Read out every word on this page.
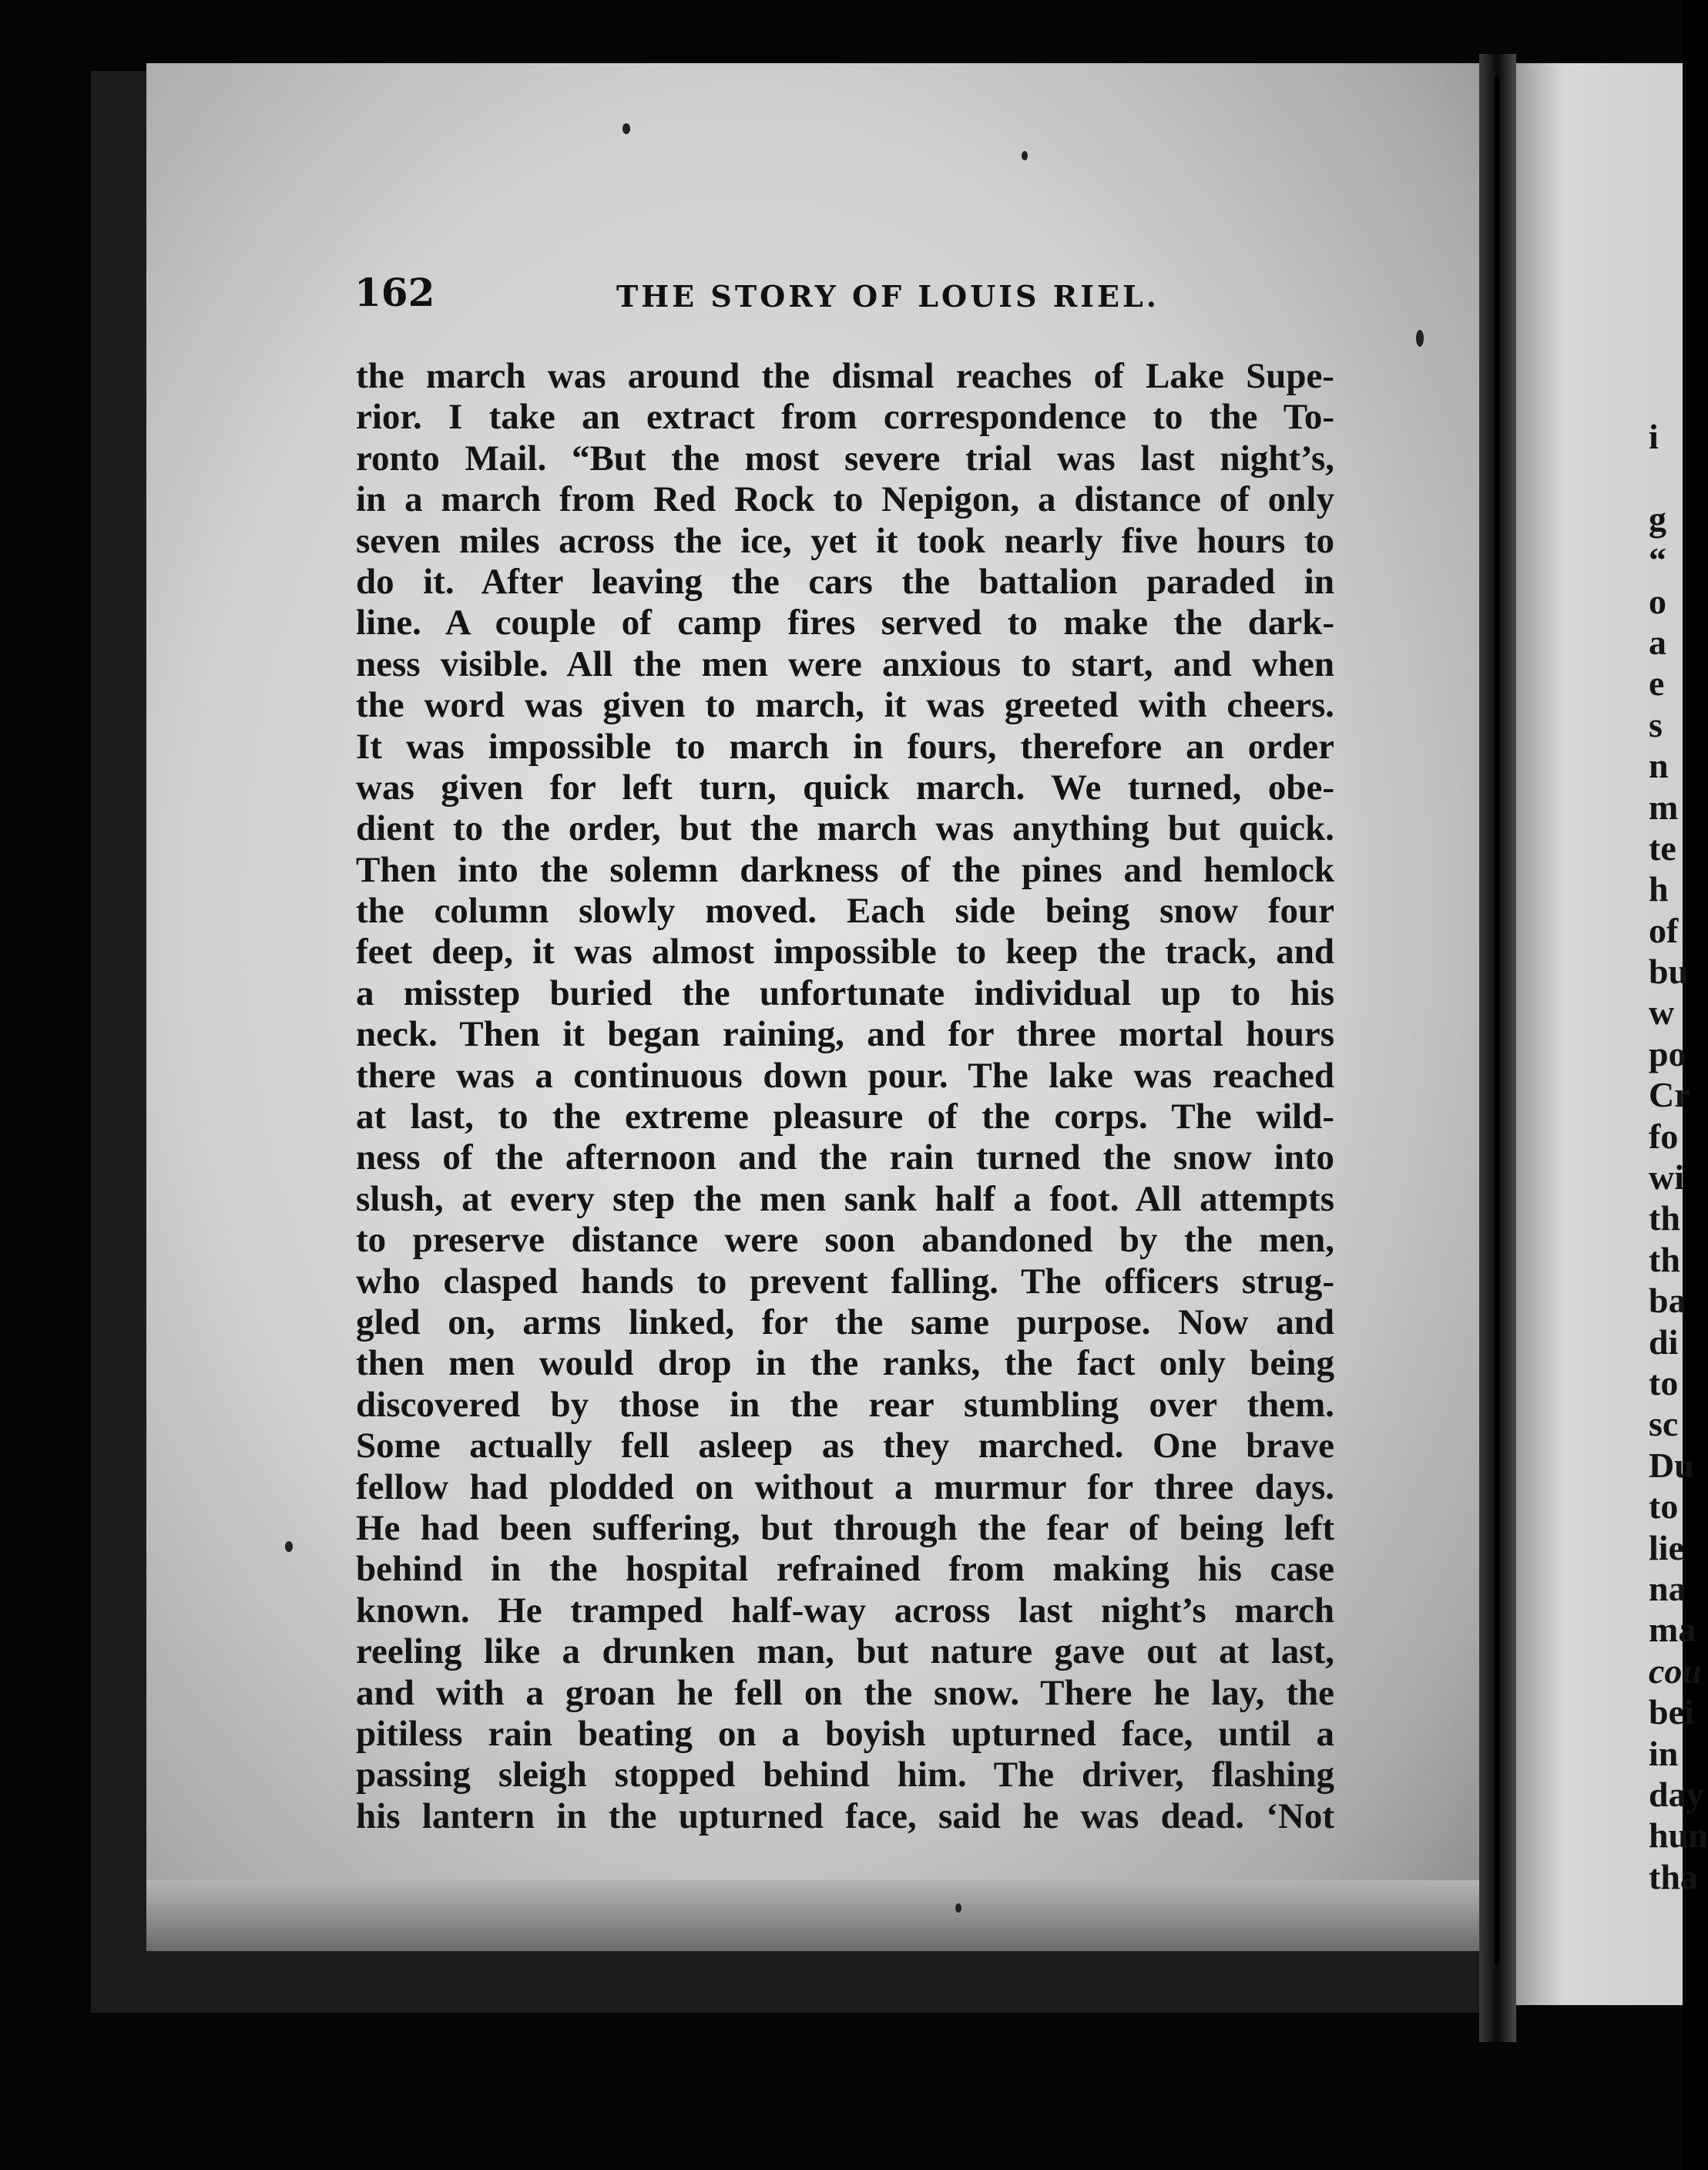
162	THE STORY OF LOUIS RIEL.
the march was around the dismal reaches of Lake Supe-
rior. I take an extract from correspondence to the To-
ronto Mail. “But the most severe trial was last night’s,
in a march from Red Rock to Nepigon, a distance of only
seven miles across the ice, yet it took nearly five hours to
do it. After leaving the cars the battalion paraded in
line. A couple of camp fires served to make the dark-
ness visible. All the men were anxious to start, and when
the word was given to march, it was greeted with cheers.
It was impossible to march in fours, therefore an order
was given for left turn, quick march. We turned, obe-
dient to the order, but the march was anything but quick.
Then into the solemn darkness of the pines and hemlock
the column slowly moved. Each side being snow four
feet deep, it was almost impossible to keep the track, and
a misstep buried the unfortunate individual up to his
neck. Then it began raining, and for three mortal hours
there was a continuous down pour. The lake was reached
at last, to the extreme pleasure of the corps. The wild-
ness of the afternoon and the rain turned the snow into
slush, at every step the men sank half a foot. All attempts
to preserve distance were soon abandoned by the men,
who clasped hands to prevent falling. The officers strug-
gled on, arms linked, for the same purpose. Now and
then men would drop in the ranks, the fact only being
discovered by those in the rear stumbling over them.
Some actually fell asleep as they marched. One brave
fellow had plodded on without a murmur for three days.
He had been suffering, but through the fear of being left
behind in the hospital refrained from making his case
known. He tramped half-way across last night’s march
reeling like a drunken man, but nature gave out at last,
and with a groan he fell on the snow. There he lay, the
pitiless rain beating on a boyish upturned face, until a
passing sleigh stopped behind him. The driver, flashing
his lantern in the upturned face, said he was dead. ‘Not
i
g
“
o
a
e
s
n
m
te
h
of
bu
w
po
Cr
fo
wi
th
th
ba
di
to
sc
Du
to
lie
na
ma
cou
bei
in
day
hun
tha
